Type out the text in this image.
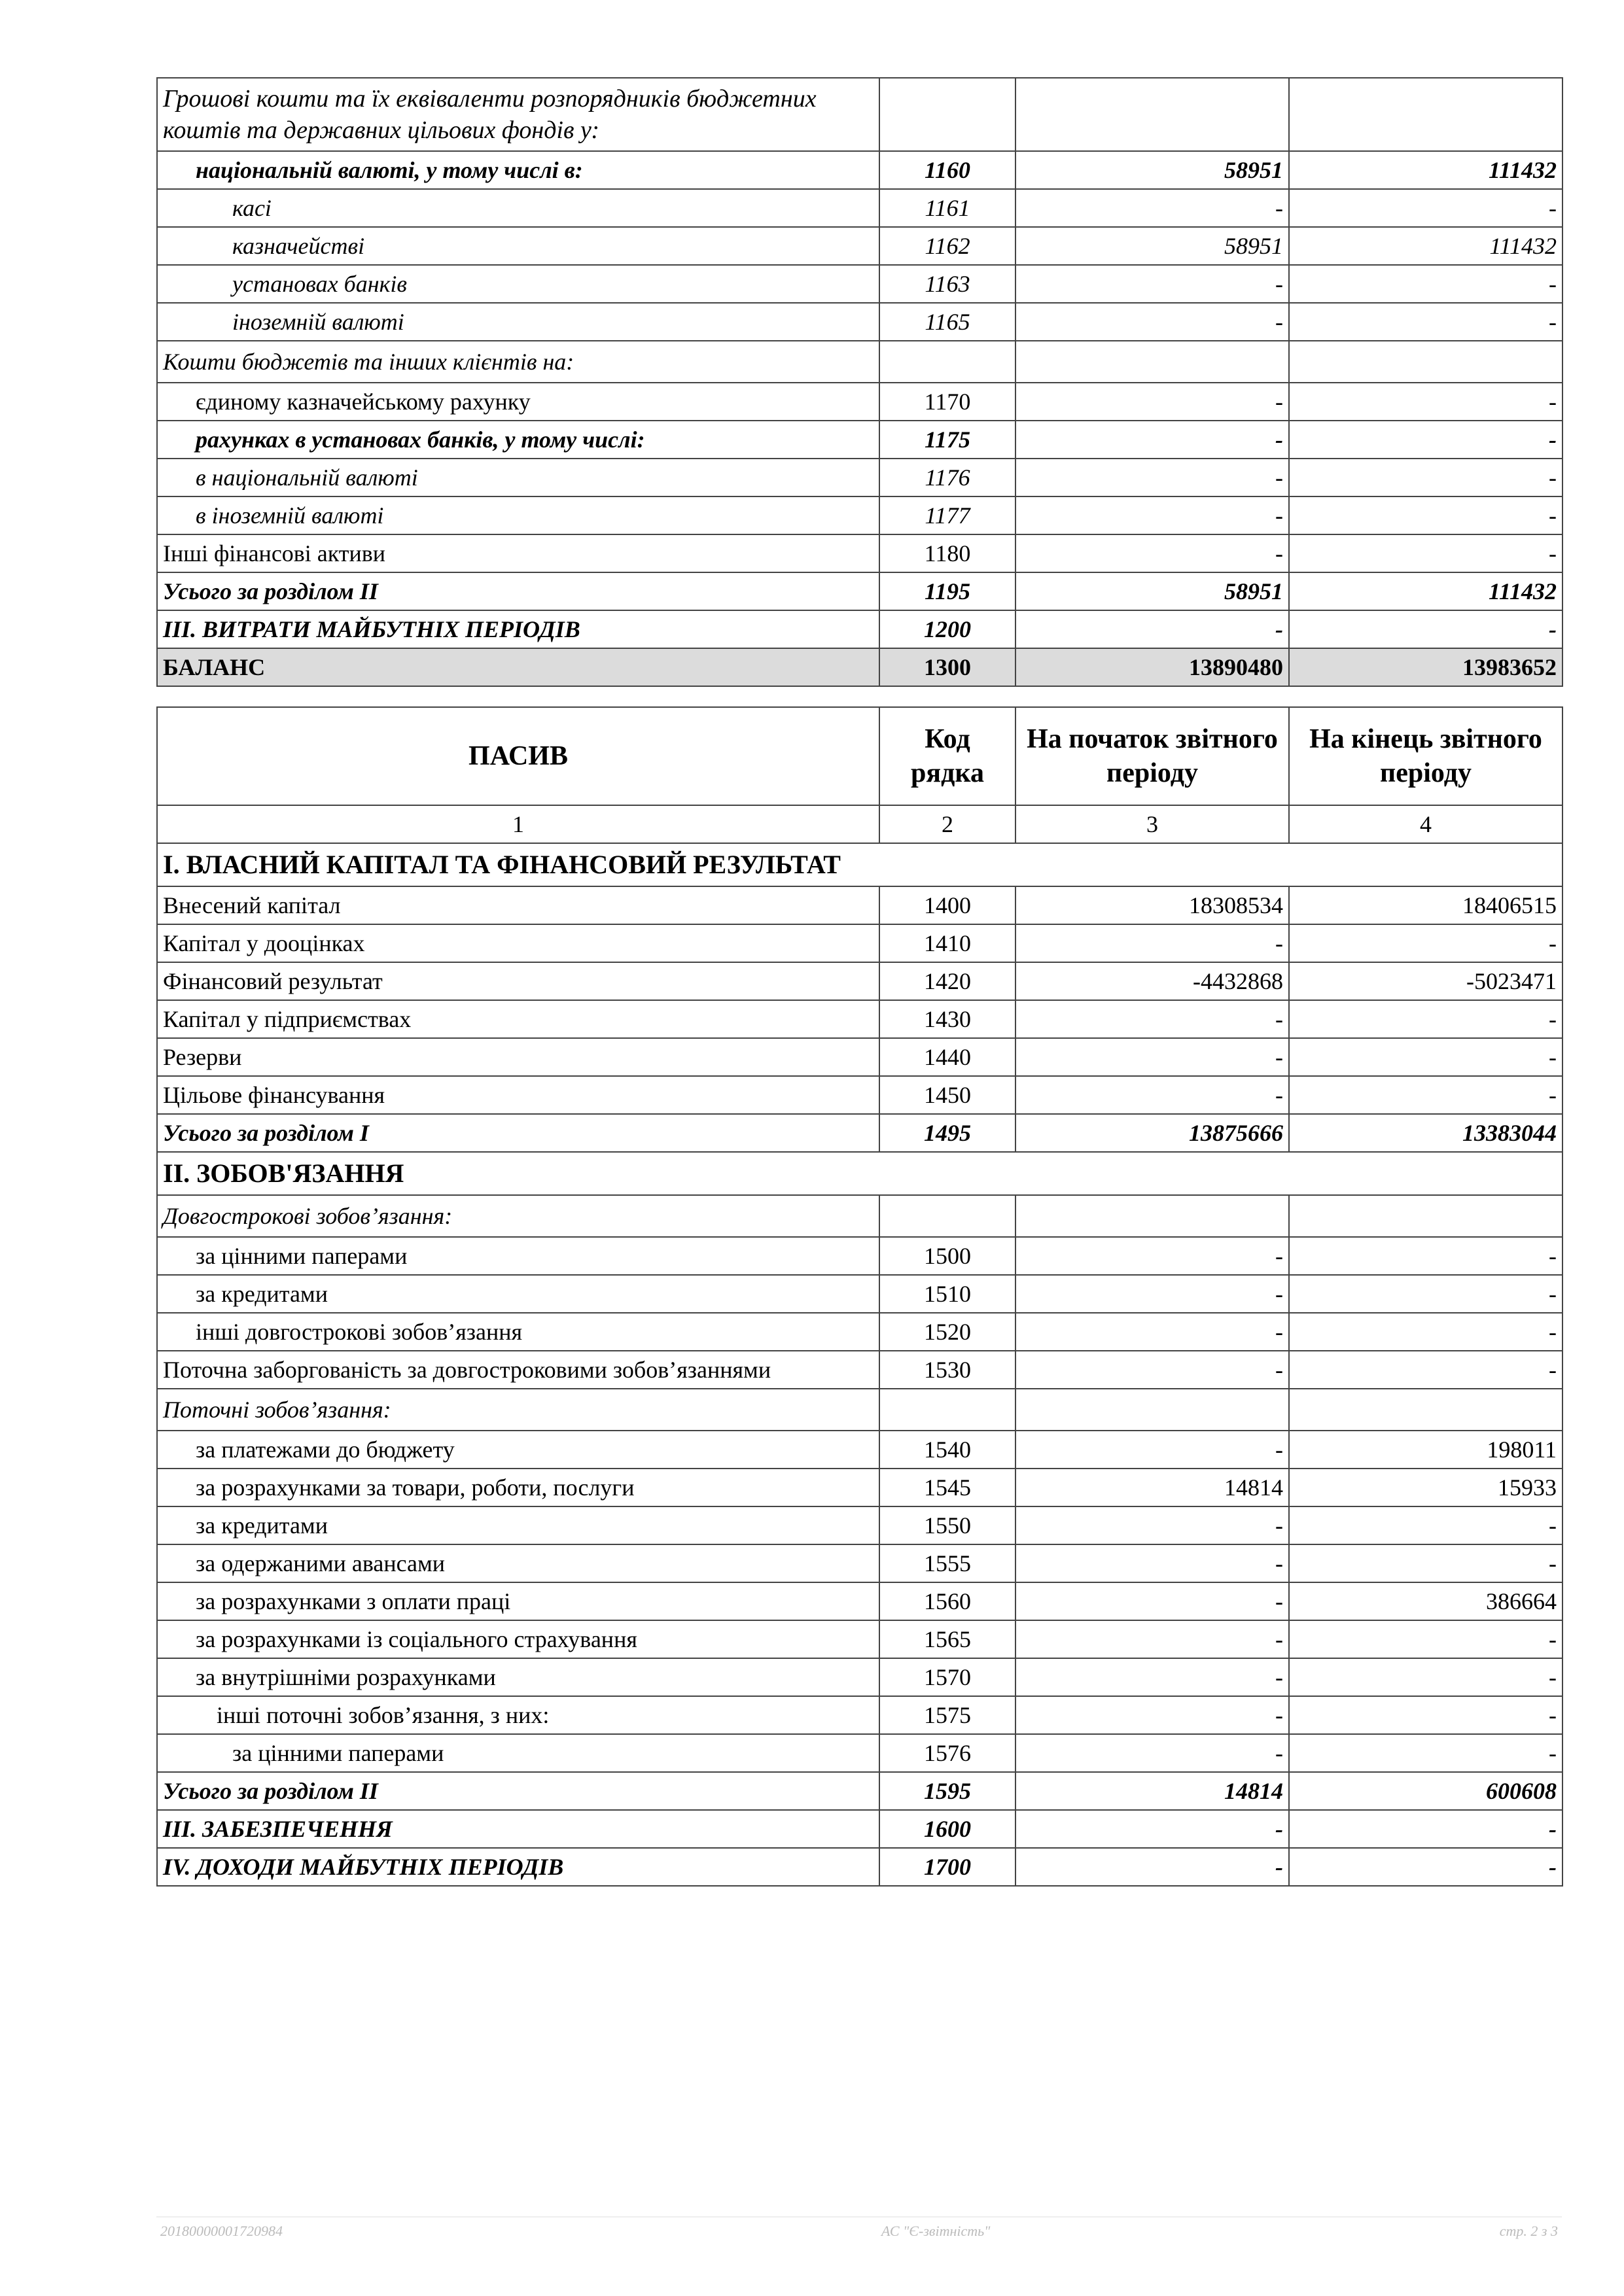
Грошові кошти та їх еквіваленти розпорядників бюджетних коштів та державних цільових фондів у:			
національній валюті, у тому числі в:	1160	58951	111432
касі	1161	-	-
казначействі	1162	58951	111432
установах банків	1163	-	-
іноземній валюті	1165	-	-
Кошти бюджетів та інших клієнтів на:			
єдиному казначейському рахунку	1170	-	-
рахунках в установах банків, у тому числі:	1175	-	-
в національній валюті	1176	-	-
в іноземній валюті	1177	-	-
Інші фінансові активи	1180	-	-
Усього за розділом II	1195	58951	111432
III. ВИТРАТИ МАЙБУТНІХ ПЕРІОДІВ	1200	-	-
БАЛАНС	1300	13890480	13983652
ПАСИВ	Код рядка	На початок звітного періоду	На кінець звітного періоду
1	2	3	4
І. ВЛАСНИЙ КАПІТАЛ ТА ФІНАНСОВИЙ РЕЗУЛЬТАТ			
Внесений капітал	1400	18308534	18406515
Капітал у дооцінках	1410	-	-
Фінансовий результат	1420	-4432868	-5023471
Капітал у підприємствах	1430	-	-
Резерви	1440	-	-
Цільове фінансування	1450	-	-
Усього за розділом І	1495	13875666	13383044
ІІ. ЗОБОВ'ЯЗАННЯ			
Довгострокові зобов’язання:			
за цінними паперами	1500	-	-
за кредитами	1510	-	-
інші довгострокові зобов’язання	1520	-	-
Поточна заборгованість за довгостроковими зобов’язаннями	1530	-	-
Поточні зобов’язання:			
за платежами до бюджету	1540	-	198011
за розрахунками за товари, роботи, послуги	1545	14814	15933
за кредитами	1550	-	-
за одержаними авансами	1555	-	-
за розрахунками з оплати праці	1560	-	386664
за розрахунками із соціального страхування	1565	-	-
за внутрішніми розрахунками	1570	-	-
інші поточні зобов’язання, з них:	1575	-	-
за цінними паперами	1576	-	-
Усього за розділом ІІ	1595	14814	600608
ІІІ. ЗАБЕЗПЕЧЕННЯ	1600	-	-
IV. ДОХОДИ МАЙБУТНІХ ПЕРІОДІВ	1700	-	-
20180000001720984	АС "Є-звітність"	стр. 2 з 3
